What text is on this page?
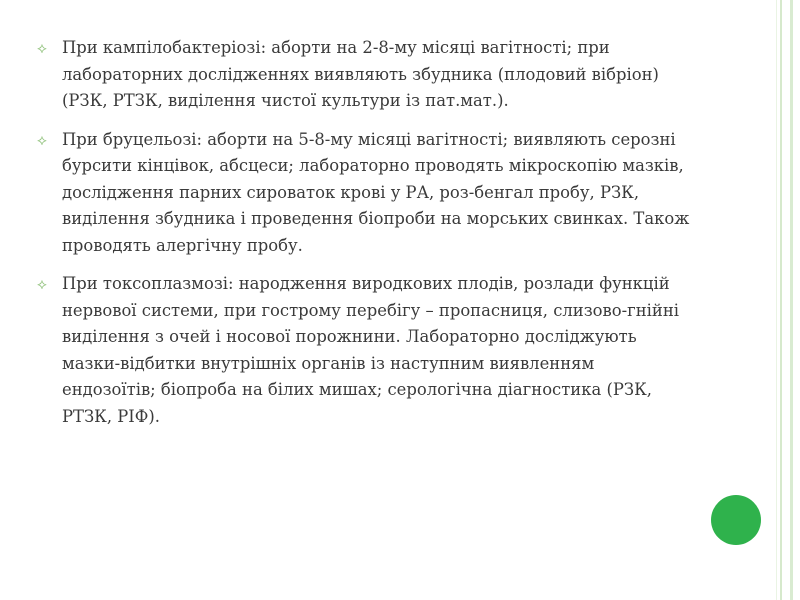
⟡ При кампілобактеріозі: аборти на 2-8-му місяці вагітності; при лабораторних дослідженнях виявляють збудника (плодовий вібріон) (РЗК, РТЗК, виділення чистої культури із пат.мат.).
⟡ При бруцельозі: аборти на 5-8-му місяці вагітності; виявляють серозні бурсити кінцівок, абсцеси; лабораторно проводять мікроскопію мазків, дослідження парних сироваток крові у РА, роз-бенгал пробу, РЗК, виділення збудника і проведення біопроби на морських свинках. Також проводять алергічну пробу.
⟡ При токсоплазмозі: народження виродкових плодів, розлади функцій нервової системи, при гострому перебігу – пропасниця, слизово-гнійні виділення з очей і носової порожнини. Лабораторно досліджують мазки-відбитки внутрішніх органів із наступним виявленням ендозоїтів; біопроба на білих мишах; серологічна діагностика (РЗК, РТЗК, РІФ).
